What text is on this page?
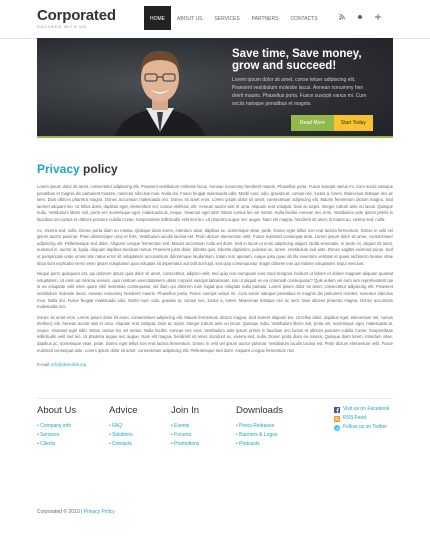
Corporated
SUCCEED WITH US
HOME	ABOUT US	SERVICES	PARTNERS	CONTACTS
Save time, Save money,
grow and succeed!
Lorem ipsum dolor sit amet, conse tetuer adipiscing elit. Praesent vestibulum molestie lacus. Aenean nonummy hen drerit mauris. Phasellus porta. Fusce suscipit varius mi. Cum sociis natoque penatibus et magnis.
Read More	Start Today
Privacy policy

Lorem ipsum dolor sit amet, consectetur adipiscing elit. Praesent vestibulum molestie lacus. Aenean nonummy hendrerit mauris. Phasellus porta. Fusce suscipit varius mi. Cum sociis natoque penatibus et magnis dis parturient montes, nascetur ridiculus mus. Nulla dui. Fusce feugiat malesuada odio. Morbi nunc odio, gravida at, cursus nec, luctus a, lorem. Maecenas tristique orci ac sem. Duis ultrices pharetra magna. Donec accumsan malesuada orci. Donec sit amet eros. Lorem ipsum dolor sit amet, consectetuer adipiscing elit. Mauris fermentum dictum magna. Sed laoreet aliquam leo. Ut tellus dolor, dapibus eget, elementum vel, cursus eleifend, elit. Aenean auctor wisi et urna. Aliquam erat volutpat. Duis ac turpis. Integer rutrum ante eu lacus. Quisque nulla. Vestibulum libero nisl, porta vel, scelerisque eget, malesuada at, neque. Vivamus eget nibh. Etiam cursus leo vel metus. Nulla facilisi. Aenean nec eros. Vestibulum ante ipsum primis in faucibus orci luctus et ultrices posuere cubilia Curae; Suspendisse sollicitudin velit sed leo. Ut pharetra augue nec augue. Nam elit magna, hendrerit sit amet, tincidunt ac, viverra sed, nulla.

Ac, viverra sed, nulla. Donec porta diam eu massa. Quisque diam lorem, interdum vitae, dapibus ac, scelerisque vitae, pede. Donec eget tellus non erat lacinia fermentum. Donec in velit vel ipsum auctor pulvinar. Proin ullamcorper urna et felis. Vestibulum iaculis lacinia est. Proin dictum elementum velit. Fusce euismod consequat ante. Lorem ipsum dolor sit amet, consectetuer adipiscing elit. Pellentesque sed dolor. Aliquam congue fermentum nisl. Mauris accumsan nulla vel diam. Sed in lacus ut enim adipiscing aliquet. Nulla venenatis. In pede mi, aliquet sit amet, euismod in, auctor ut, ligula. Aliquam dapibus tincidunt metus. Praesent justo dolor, lobortis quis, lobortis dignissim, pulvinar ac, lorem. Vestibulum sed ante. Donec sagittis euismod purus. Sed ut perspiciatis unde omnis iste natus error sit voluptatem accusantium doloremque laudantium, totam rem aperiam, eaque ipsa quae ab illo inventore veritatis et quasi architecto beatae vitae dicta sunt explicabo nemo enim ipsam voluptatem quia voluptas sit aspernatur aut odit aut fugit, sed quia consequuntur magni dolores eos qui ratione voluptatem sequi nesciunt.

Neque porro quisquam est, qui dolorem ipsum quia dolor sit amet, consectetur, adipisci velit, sed quia non numquam eius modi tempora incidunt ut labore et dolore magnam aliquam quaerat voluptatem. Ut enim ad minima veniam, quis nostrum exercitationem ullam corporis suscipit laboriosam, nisi ut aliquid ex ea commodi consequatur? Quis autem vel eum iure reprehenderit qui in ea voluptate velit esse quam nihil molestiae consequatur, vel illum qui dolorem eum fugiat quo voluptas nulla pariatur. Lorem ipsum dolor sit amet, consectetur adipiscing elit. Praesent vestibulum molestie lacus. Aenean nonummy hendrerit mauris. Phasellus porta. Fusce suscipit varius mi. Cum sociis natoque penatibus et magnis dis parturient montes, nascetur ridiculus mus. Nulla dui. Fusce feugiat malesuada odio. Morbi nunc odio, gravida at, cursus nec, luctus a, lorem. Maecenas tristique orci ac sem. Duis ultrices pharetra magna. Donec accumsan malesuada orci.

Donec sit amet eros. Lorem ipsum dolor sit amet, consectetuer adipiscing elit. Mauris fermentum dictum magna. Sed laoreet aliquam leo. Ut tellus dolor, dapibus eget, elementum vel, cursus eleifend, elit. Aenean auctor wisi et urna. Aliquam erat volutpat. Duis ac turpis. Integer rutrum ante eu lacus. Quisque nulla. Vestibulum libero nisl, porta vel, scelerisque eget, malesuada at, neque. Vivamus eget nibh. Etiam cursus leo vel metus. Nulla facilisi. Aenean nec eros. Vestibulum ante ipsum primis in faucibus orci luctus et ultrices posuere cubilia Curae; Suspendisse sollicitudin velit sed leo. Ut pharetra augue nec augue. Nam elit magna, hendrerit sit amet, tincidunt ac, viverra sed, nulla. Donec porta diam eu massa. Quisque diam lorem, interdum vitae, dapibus ac, scelerisque vitae, pede. Donec eget tellus non erat lacinia fermentum. Donec in velit vel ipsum auctor pulvinar. Vestibulum iaculis lacinia est. Proin dictum elementum velit. Fusce euismod consequat ante. Lorem ipsum dolor sit amet, consectetuer adipiscing elit. Pellentesque sed dolor. Aliquam congue fermentum nisl.

E-mail: info@demolink.org
About Us
• Company info
• Services
• Clients
Advice
• FAQ
• Solutions
• Contacts
Join In
• Events
• Forums
• Promotions
Downloads
• Press Releases
• Banners & Logos
• Podcasts
Visit us on Facebook
RSS Feed
Follow us on Twitter
Corporated © 2010 | Privacy Policy
